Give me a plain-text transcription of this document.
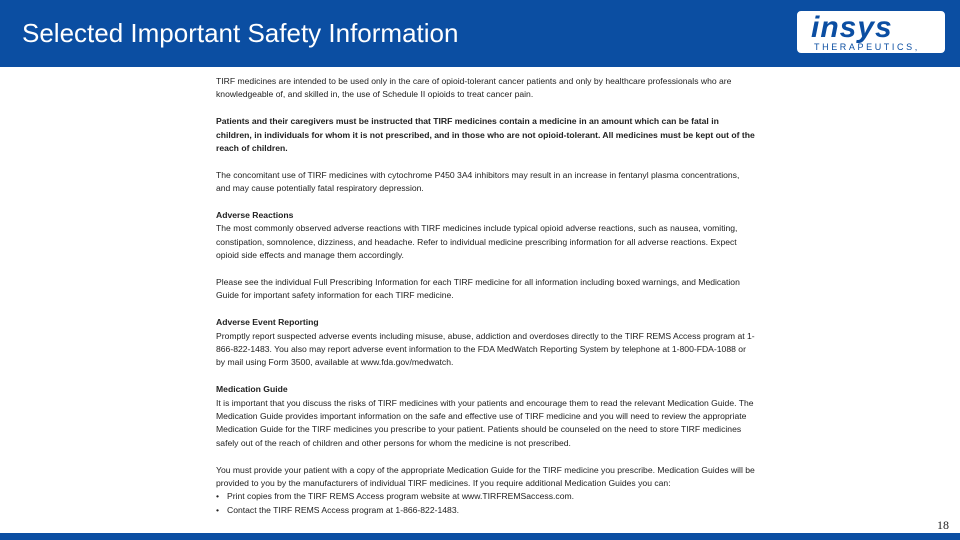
Selected Important Safety Information	insys
THERAPEUTICS, INC

TIRF medicines are intended to be used only in the care of opioid-tolerant cancer patients and only by healthcare professionals who are knowledgeable of, and skilled in, the use of Schedule II opioids to treat cancer pain.

Patients and their caregivers must be instructed that TIRF medicines contain a medicine in an amount which can be fatal in children, in individuals for whom it is not prescribed, and in those who are not opioid-tolerant. All medicines must be kept out of the reach of children.

The concomitant use of TIRF medicines with cytochrome P450 3A4 inhibitors may result in an increase in fentanyl plasma concentrations, and may cause potentially fatal respiratory depression.

Adverse Reactions
The most commonly observed adverse reactions with TIRF medicines include typical opioid adverse reactions, such as nausea, vomiting, constipation, somnolence, dizziness, and headache. Refer to individual medicine prescribing information for all adverse reactions. Expect opioid side effects and manage them accordingly.

Please see the individual Full Prescribing Information for each TIRF medicine for all information including boxed warnings, and Medication Guide for important safety information for each TIRF medicine.

Adverse Event Reporting
Promptly report suspected adverse events including misuse, abuse, addiction and overdoses directly to the TIRF REMS Access program at 1-866-822-1483. You also may report adverse event information to the FDA MedWatch Reporting System by telephone at 1-800-FDA-1088 or by mail using Form 3500, available at www.fda.gov/medwatch.

Medication Guide
It is important that you discuss the risks of TIRF medicines with your patients and encourage them to read the relevant Medication Guide. The Medication Guide provides important information on the safe and effective use of TIRF medicine and you will need to review the appropriate Medication Guide for the TIRF medicines you prescribe to your patient. Patients should be counseled on the need to store TIRF medicines safely out of the reach of children and other persons for whom the medicine is not prescribed.

You must provide your patient with a copy of the appropriate Medication Guide for the TIRF medicine you prescribe. Medication Guides will be provided to you by the manufacturers of individual TIRF medicines. If you require additional Medication Guides you can:

• Print copies from the TIRF REMS Access program website at www.TIRFREMSaccess.com.
• Contact the TIRF REMS Access program at 1-866-822-1483.
18
